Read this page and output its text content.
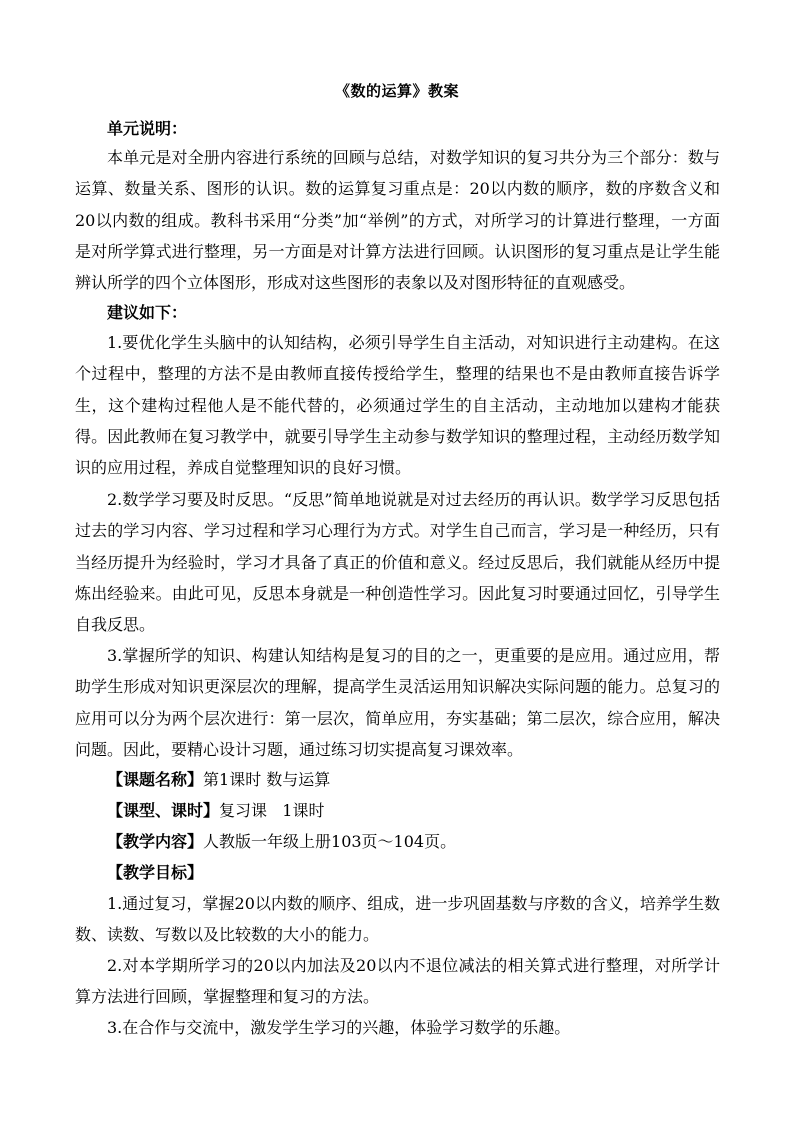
《数的运算》教案
单元说明：

本单元是对全册内容进行系统的回顾与总结，对数学知识的复习共分为三个部分：数与运算、数量关系、图形的认识。数的运算复习重点是：20以内数的顺序，数的序数含义和20以内数的组成。教科书采用“分类”加“举例”的方式，对所学习的计算进行整理，一方面是对所学算式进行整理，另一方面是对计算方法进行回顾。认识图形的复习重点是让学生能辨认所学的四个立体图形，形成对这些图形的表象以及对图形特征的直观感受。

建议如下：

1.要优化学生头脑中的认知结构，必须引导学生自主活动，对知识进行主动建构。在这个过程中，整理的方法不是由教师直接传授给学生，整理的结果也不是由教师直接告诉学生，这个建构过程他人是不能代替的，必须通过学生的自主活动，主动地加以建构才能获得。因此教师在复习教学中，就要引导学生主动参与数学知识的整理过程，主动经历数学知识的应用过程，养成自觉整理知识的良好习惯。

2.数学学习要及时反思。“反思”简单地说就是对过去经历的再认识。数学学习反思包括过去的学习内容、学习过程和学习心理行为方式。对学生自己而言，学习是一种经历，只有当经历提升为经验时，学习才具备了真正的价值和意义。经过反思后，我们就能从经历中提炼出经验来。由此可见，反思本身就是一种创造性学习。因此复习时要通过回忆，引导学生自我反思。

3.掌握所学的知识、构建认知结构是复习的目的之一，更重要的是应用。通过应用，帮助学生形成对知识更深层次的理解，提高学生灵活运用知识解决实际问题的能力。总复习的应用可以分为两个层次进行：第一层次，简单应用，夯实基础；第二层次，综合应用，解决问题。因此，要精心设计习题，通过练习切实提高复习课效率。

【课题名称】第1课时 数与运算
【课型、课时】复习课   1课时
【教学内容】人教版一年级上册103页～104页。
【教学目标】

1.通过复习，掌握20以内数的顺序、组成，进一步巩固基数与序数的含义，培养学生数数、读数、写数以及比较数的大小的能力。

2.对本学期所学习的20以内加法及20以内不退位减法的相关算式进行整理，对所学计算方法进行回顾，掌握整理和复习的方法。

3.在合作与交流中，激发学生学习的兴趣，体验学习数学的乐趣。
